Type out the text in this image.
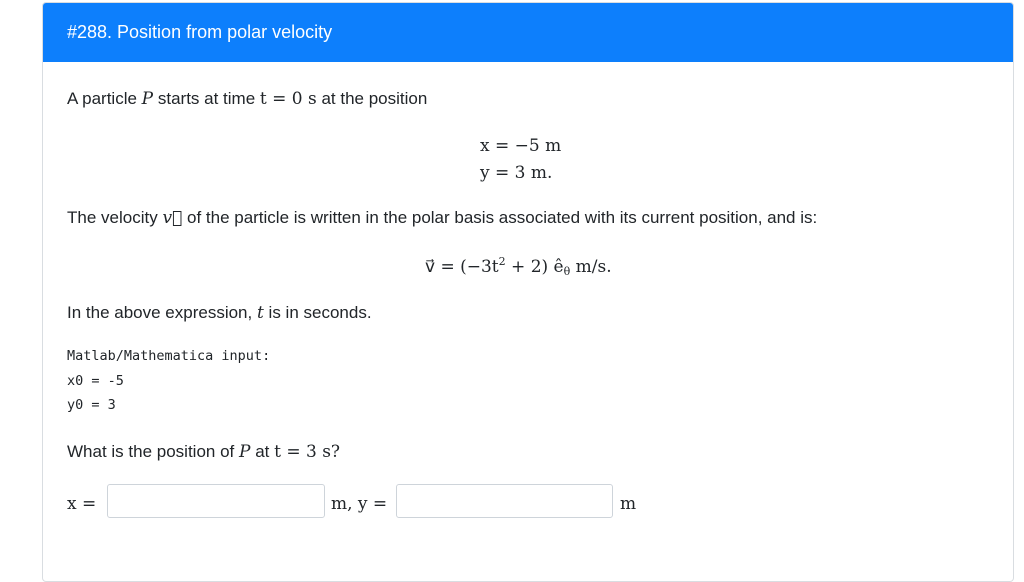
#288. Position from polar velocity
A particle P starts at time t = 0 s at the position
x = −5 m
y = 3 m.
The velocity v⃗ of the particle is written in the polar basis associated with its current position, and is:
v⃗ = $(-3t^2 + 2)$ $ê_\theta$ m/s.
In the above expression, t is in seconds.
Matlab/Mathematica input:
x0 = -5
y0 = 3
What is the position of P at t = 3 s?
x =	m, y =	m
